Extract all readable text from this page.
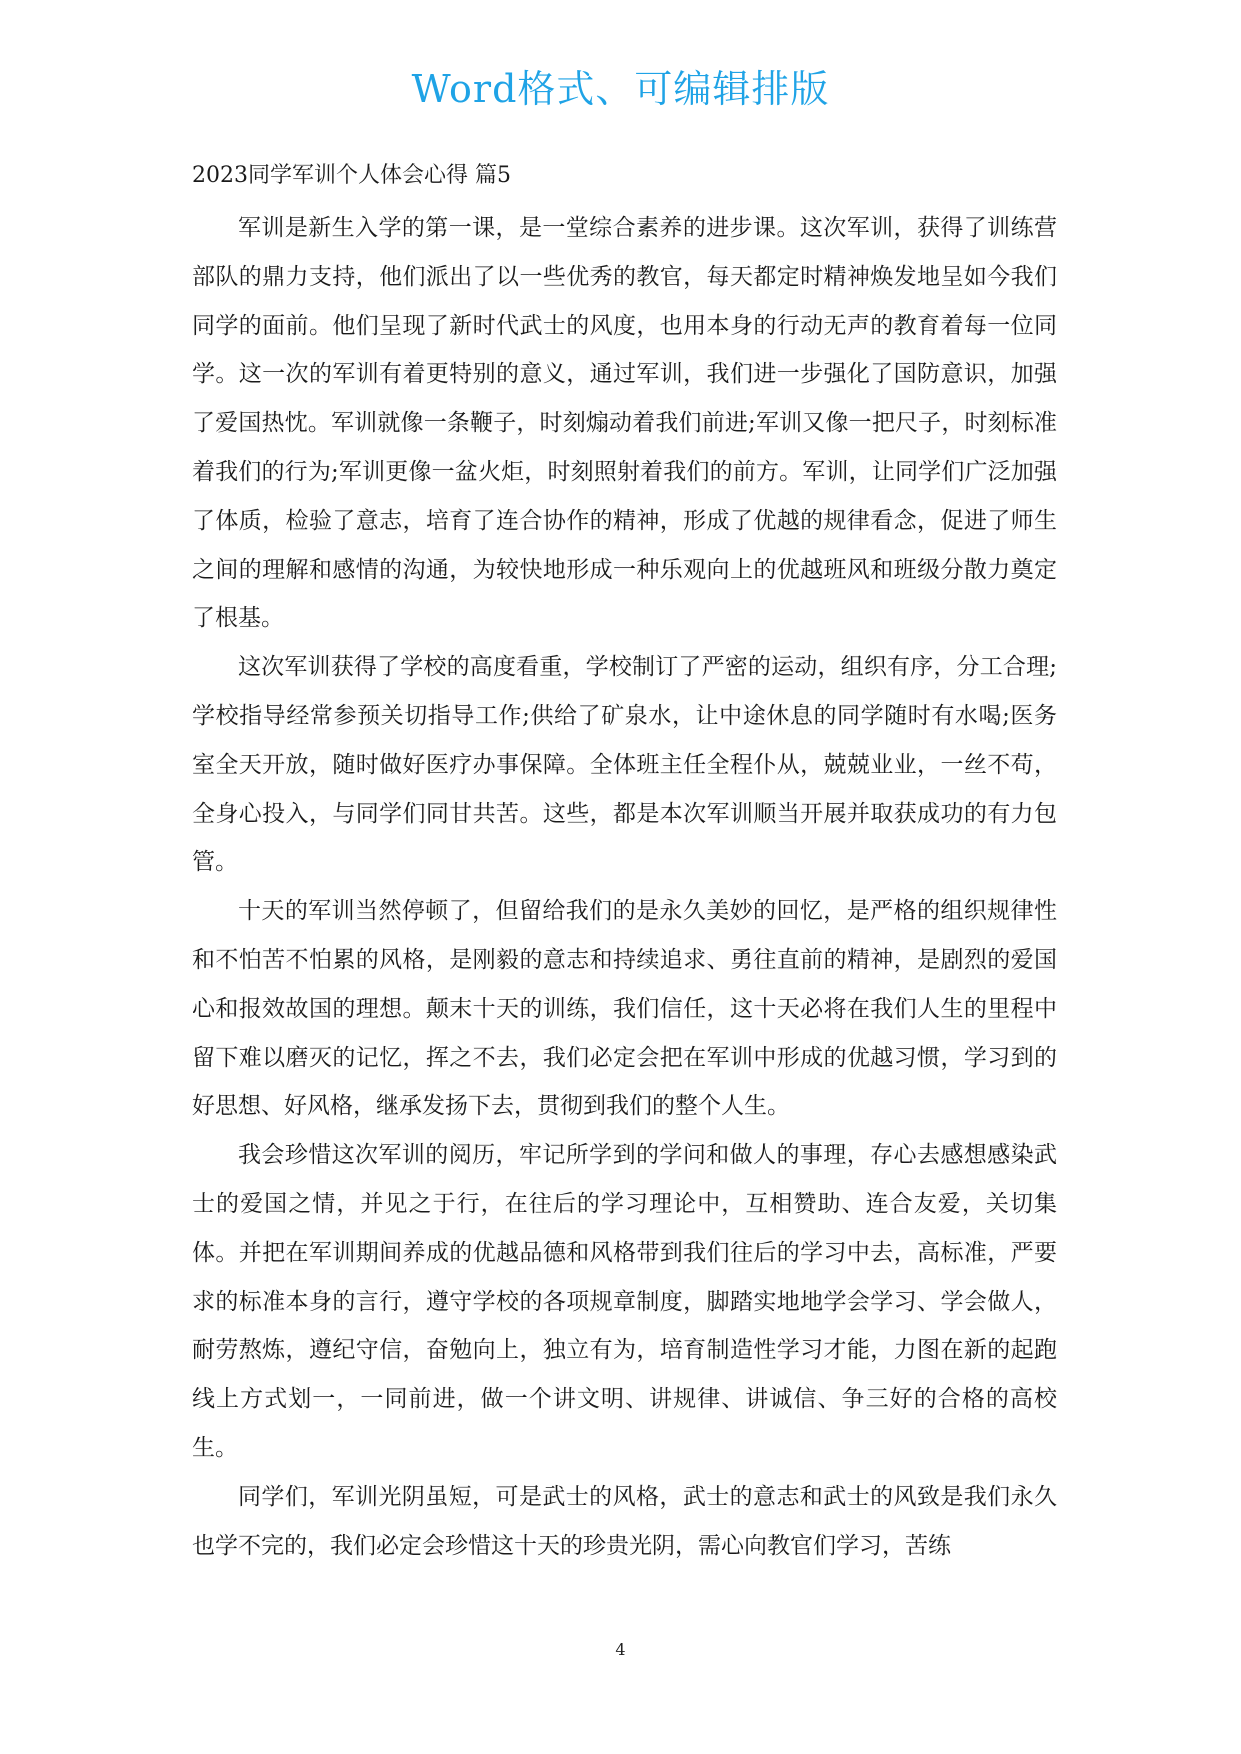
Word格式、可编辑排版
2023同学军训个人体会心得 篇5

军训是新生入学的第一课，是一堂综合素养的进步课。这次军训，获得了训练营部队的鼎力支持，他们派出了以一些优秀的教官，每天都定时精神焕发地呈如今我们同学的面前。他们呈现了新时代武士的风度，也用本身的行动无声的教育着每一位同学。这一次的军训有着更特别的意义，通过军训，我们进一步强化了国防意识，加强了爱国热忱。军训就像一条鞭子，时刻煽动着我们前进;军训又像一把尺子，时刻标准着我们的行为;军训更像一盆火炬，时刻照射着我们的前方。军训，让同学们广泛加强了体质，检验了意志，培育了连合协作的精神，形成了优越的规律看念，促进了师生之间的理解和感情的沟通，为较快地形成一种乐观向上的优越班风和班级分散力奠定了根基。

这次军训获得了学校的高度看重，学校制订了严密的运动，组织有序，分工合理;学校指导经常参预关切指导工作;供给了矿泉水，让中途休息的同学随时有水喝;医务室全天开放，随时做好医疗办事保障。全体班主任全程仆从，兢兢业业，一丝不苟，全身心投入，与同学们同甘共苦。这些，都是本次军训顺当开展并取获成功的有力包管。

十天的军训当然停顿了，但留给我们的是永久美妙的回忆，是严格的组织规律性和不怕苦不怕累的风格，是刚毅的意志和持续追求、勇往直前的精神，是剧烈的爱国心和报效故国的理想。颠末十天的训练，我们信任，这十天必将在我们人生的里程中留下难以磨灭的记忆，挥之不去，我们必定会把在军训中形成的优越习惯，学习到的好思想、好风格，继承发扬下去，贯彻到我们的整个人生。

我会珍惜这次军训的阅历，牢记所学到的学问和做人的事理，存心去感想感染武士的爱国之情，并见之于行，在往后的学习理论中，互相赞助、连合友爱，关切集体。并把在军训期间养成的优越品德和风格带到我们往后的学习中去，高标准，严要求的标准本身的言行，遵守学校的各项规章制度，脚踏实地地学会学习、学会做人，耐劳熬炼，遵纪守信，奋勉向上，独立有为，培育制造性学习才能，力图在新的起跑线上方式划一，一同前进，做一个讲文明、讲规律、讲诚信、争三好的合格的高校生。

同学们，军训光阴虽短，可是武士的风格，武士的意志和武士的风致是我们永久也学不完的，我们必定会珍惜这十天的珍贵光阴，需心向教官们学习，苦练

4
